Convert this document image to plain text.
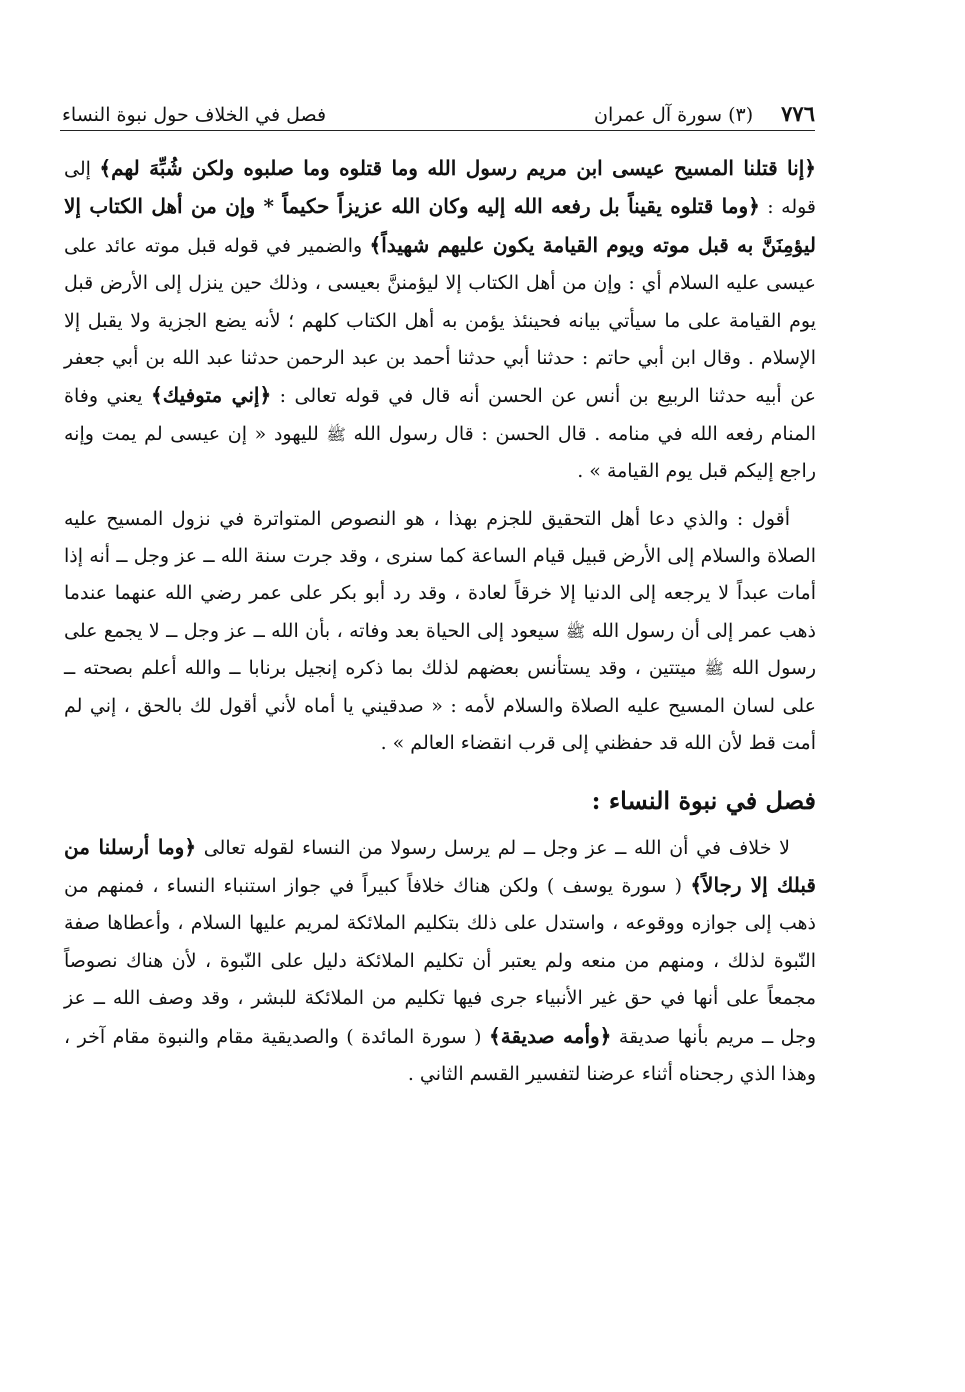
٧٧٦
(٣) سورة آل عمران
فصل في الخلاف حول نبوة النساء

﴿إنا قتلنا المسيح عيسى ابن مريم رسول الله وما قتلوه وما صلبوه ولكن شُبِّهَ لهم﴾ إلى قوله : ﴿وما قتلوه يقيناً بل رفعه الله إليه وكان الله عزيزاً حكيماً * وإن من أهل الكتاب إلا ليؤمِنَنَّ به قبل موته ويوم القيامة يكون عليهم شهيداً﴾ والضمير في قوله قبل موته عائد على عيسى عليه السلام أي : وإن من أهل الكتاب إلا ليؤمننَّ بعيسى ، وذلك حين ينزل إلى الأرض قبل يوم القيامة على ما سيأتي بيانه فحينئذ يؤمن به أهل الكتاب كلهم ؛ لأنه يضع الجزية ولا يقبل إلا الإسلام . وقال ابن أبي حاتم : حدثنا أبي حدثنا أحمد بن عبد الرحمن حدثنا عبد الله بن أبي جعفر عن أبيه حدثنا الربيع بن أنس عن الحسن أنه قال في قوله تعالى : ﴿إني متوفيك﴾ يعني وفاة المنام رفعه الله في منامه . قال الحسن : قال رسول الله ﷺ لليهود « إن عيسى لم يمت وإنه راجع إليكم قبل يوم القيامة » .

أقول : والذي دعا أهل التحقيق للجزم بهذا ، هو النصوص المتواترة في نزول المسيح عليه الصلاة والسلام إلى الأرض قبيل قيام الساعة كما سنرى ، وقد جرت سنة الله ــ عز وجل ــ أنه إذا أمات عبداً لا يرجعه إلى الدنيا إلا خرقاً لعادة ، وقد رد أبو بكر على عمر رضي الله عنهما عندما ذهب عمر إلى أن رسول الله ﷺ سيعود إلى الحياة بعد وفاته ، بأن الله ــ عز وجل ــ لا يجمع على رسول الله ﷺ ميتتين ، وقد يستأنس بعضهم لذلك بما ذكره إنجيل برنابا ــ والله أعلم بصحته ــ على لسان المسيح عليه الصلاة والسلام لأمه : « صدقيني يا أماه لأني أقول لك بالحق ، إني لم أمت قط لأن الله قد حفظني إلى قرب انقضاء العالم » .

فصل في نبوة النساء :

لا خلاف في أن الله ــ عز وجل ــ لم يرسل رسولا من النساء لقوله تعالى ﴿وما أرسلنا من قبلك إلا رجالاً﴾ ( سورة يوسف ) ولكن هناك خلافاً كبيراً في جواز استنباء النساء ، فمنهم من ذهب إلى جوازه ووقوعه ، واستدل على ذلك بتكليم الملائكة لمريم عليها السلام ، وأعطاها صفة النّبوة لذلك ، ومنهم من منعه ولم يعتبر أن تكليم الملائكة دليل على النّبوة ، لأن هناك نصوصاً مجمعاً على أنها في حق غير الأنبياء جرى فيها تكليم من الملائكة للبشر ، وقد وصف الله ــ عز وجل ــ مريم بأنها صديقة ﴿وأمه صديقة﴾ ( سورة المائدة ) والصديقية مقام والنبوة مقام آخر ، وهذا الذي رجحناه أثناء عرضنا لتفسير القسم الثاني .
